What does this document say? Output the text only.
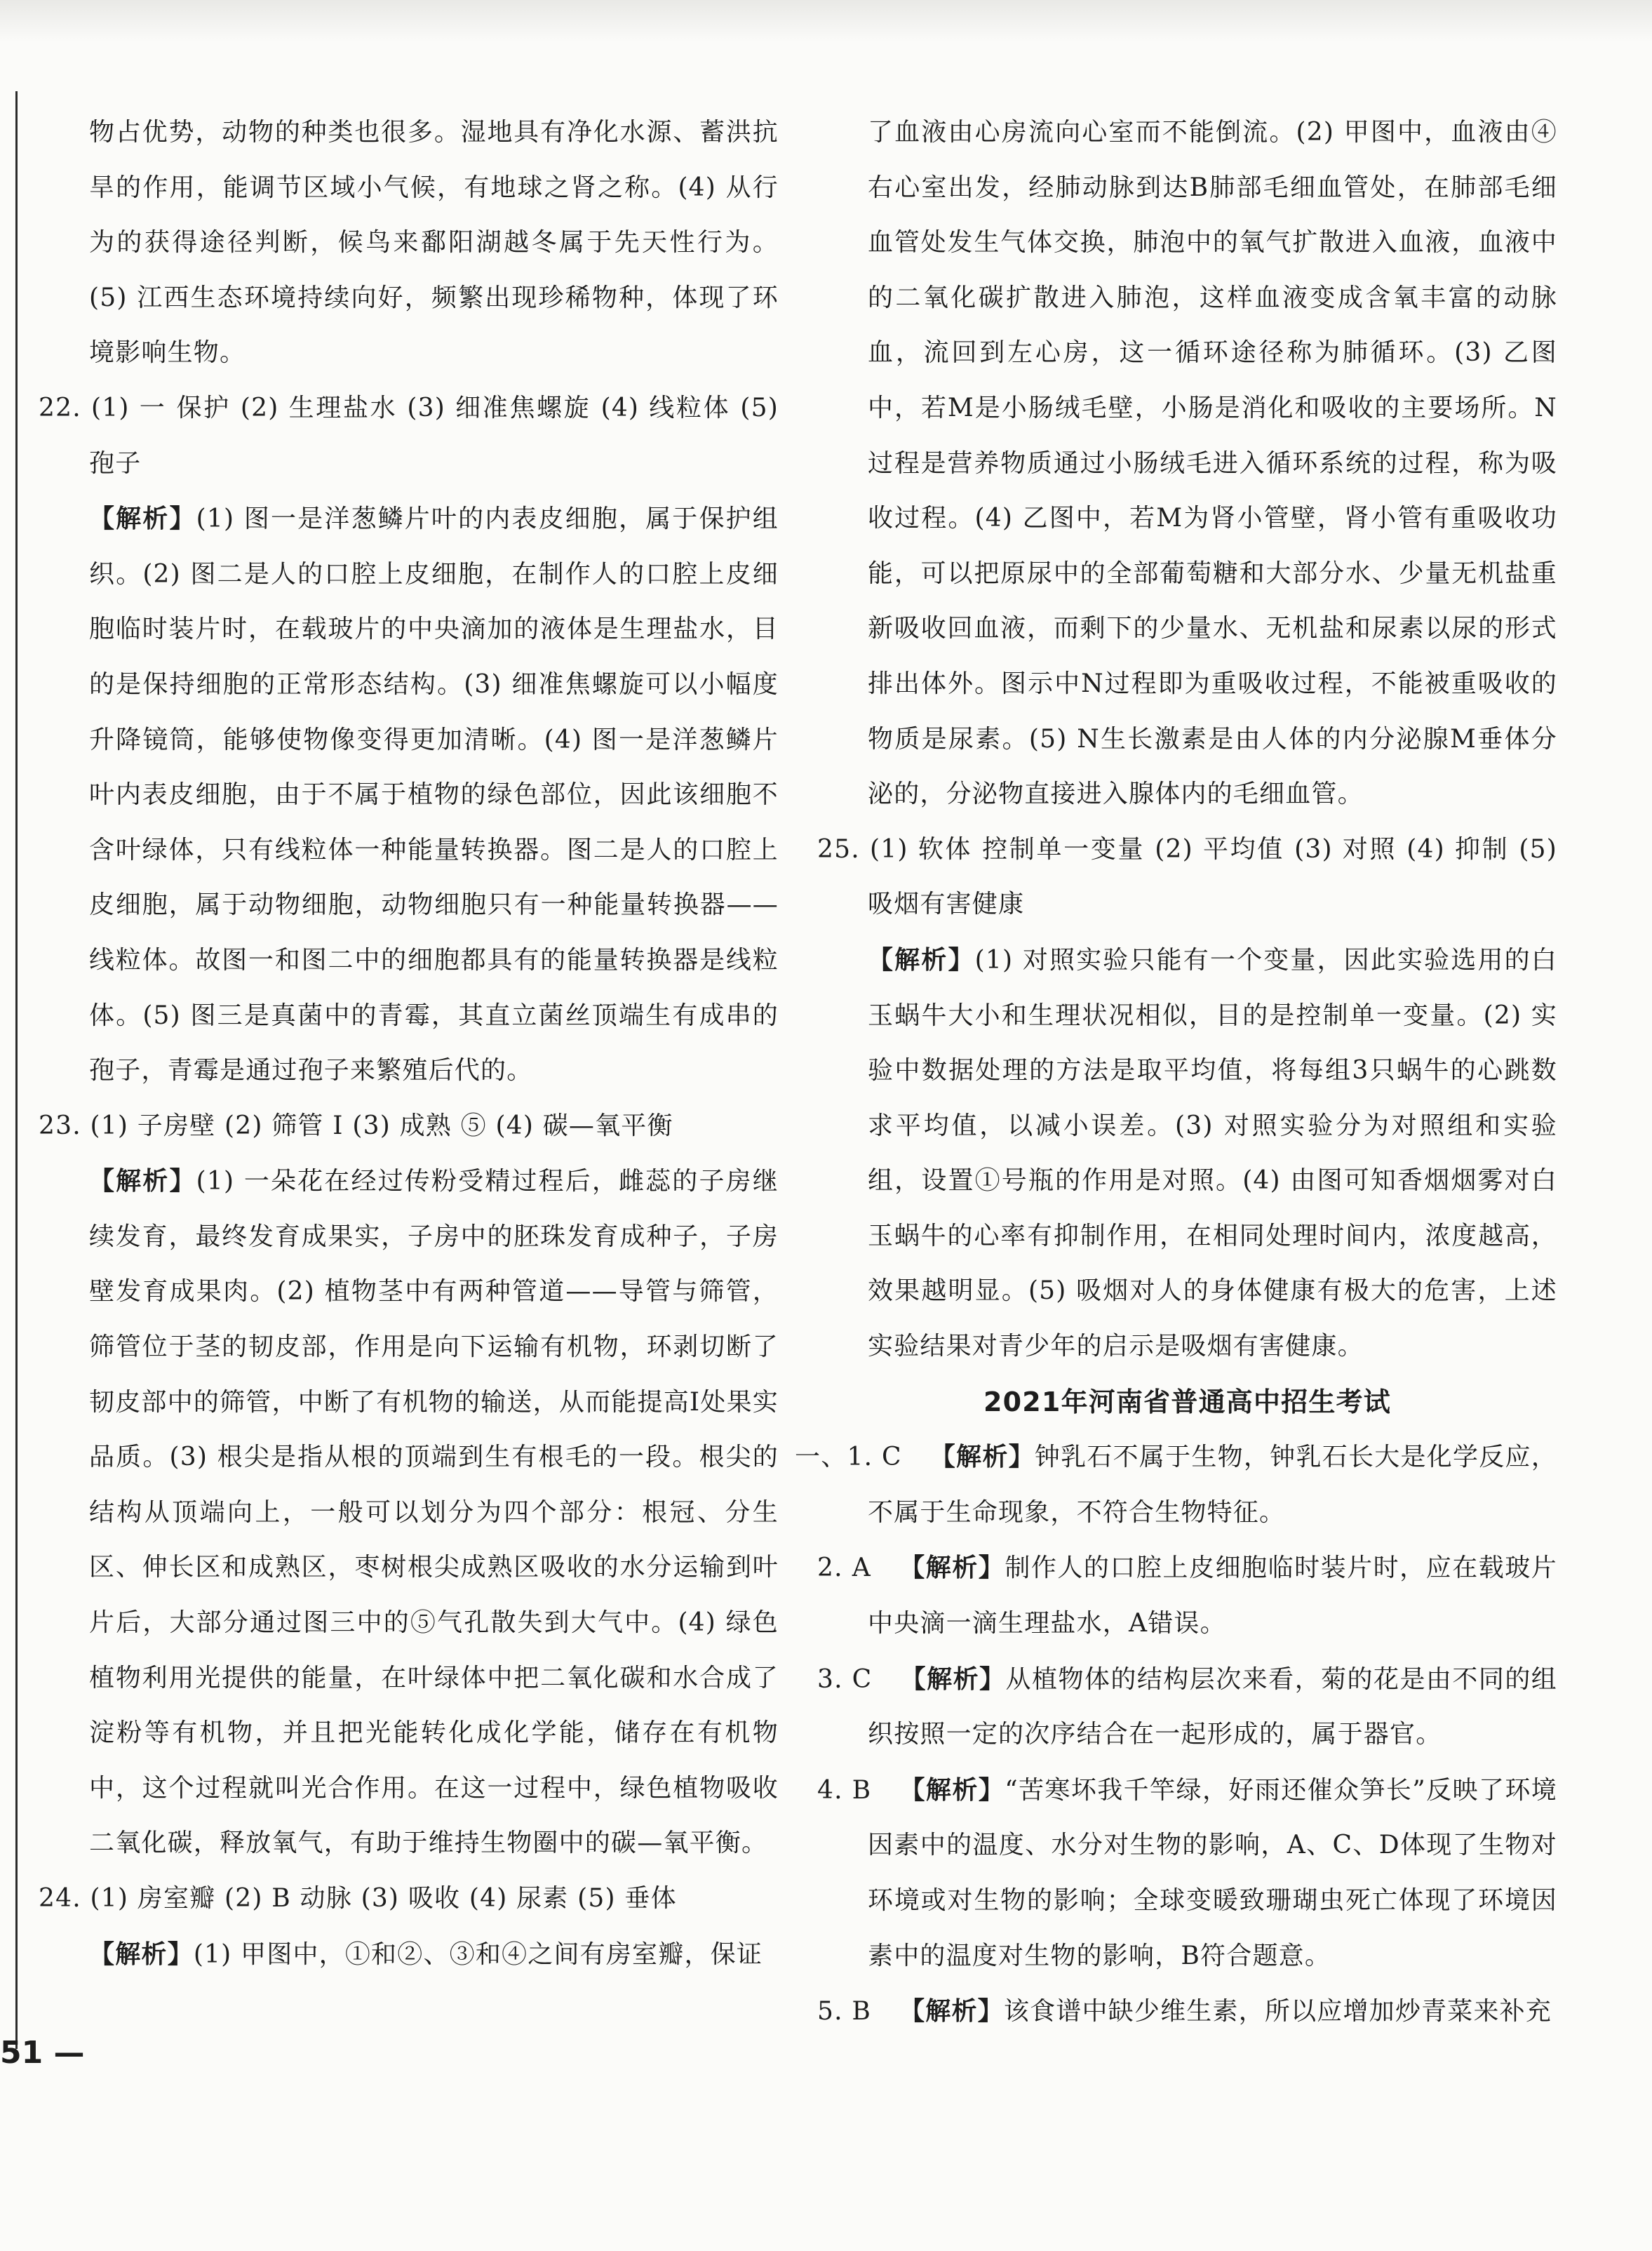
物占优势，动物的种类也很多。湿地具有净化水源、蓄洪抗旱的作用，能调节区域小气候，有地球之肾之称。(4) 从行为的获得途径判断，候鸟来鄱阳湖越冬属于先天性行为。(5) 江西生态环境持续向好，频繁出现珍稀物种，体现了环境影响生物。

22. (1) 一 保护 (2) 生理盐水 (3) 细准焦螺旋 (4) 线粒体 (5) 孢子

【解析】(1) 图一是洋葱鳞片叶的内表皮细胞，属于保护组织。(2) 图二是人的口腔上皮细胞，在制作人的口腔上皮细胞临时装片时，在载玻片的中央滴加的液体是生理盐水，目的是保持细胞的正常形态结构。(3) 细准焦螺旋可以小幅度升降镜筒，能够使物像变得更加清晰。(4) 图一是洋葱鳞片叶内表皮细胞，由于不属于植物的绿色部位，因此该细胞不含叶绿体，只有线粒体一种能量转换器。图二是人的口腔上皮细胞，属于动物细胞，动物细胞只有一种能量转换器——线粒体。故图一和图二中的细胞都具有的能量转换器是线粒体。(5) 图三是真菌中的青霉，其直立菌丝顶端生有成串的孢子，青霉是通过孢子来繁殖后代的。

23. (1) 子房壁 (2) 筛管 Ⅰ (3) 成熟 ⑤ (4) 碳—氧平衡

【解析】(1) 一朵花在经过传粉受精过程后，雌蕊的子房继续发育，最终发育成果实，子房中的胚珠发育成种子，子房壁发育成果肉。(2) 植物茎中有两种管道——导管与筛管，筛管位于茎的韧皮部，作用是向下运输有机物，环剥切断了韧皮部中的筛管，中断了有机物的输送，从而能提高Ⅰ处果实品质。(3) 根尖是指从根的顶端到生有根毛的一段。根尖的结构从顶端向上，一般可以划分为四个部分：根冠、分生区、伸长区和成熟区，枣树根尖成熟区吸收的水分运输到叶片后，大部分通过图三中的⑤气孔散失到大气中。(4) 绿色植物利用光提供的能量，在叶绿体中把二氧化碳和水合成了淀粉等有机物，并且把光能转化成化学能，储存在有机物中，这个过程就叫光合作用。在这一过程中，绿色植物吸收二氧化碳，释放氧气，有助于维持生物圈中的碳—氧平衡。

24. (1) 房室瓣 (2) B 动脉 (3) 吸收 (4) 尿素 (5) 垂体

【解析】(1) 甲图中，①和②、③和④之间有房室瓣，保证

了血液由心房流向心室而不能倒流。(2) 甲图中，血液由④右心室出发，经肺动脉到达B肺部毛细血管处，在肺部毛细血管处发生气体交换，肺泡中的氧气扩散进入血液，血液中的二氧化碳扩散进入肺泡，这样血液变成含氧丰富的动脉血，流回到左心房，这一循环途径称为肺循环。(3) 乙图中，若M是小肠绒毛壁，小肠是消化和吸收的主要场所。N过程是营养物质通过小肠绒毛进入循环系统的过程，称为吸收过程。(4) 乙图中，若M为肾小管壁，肾小管有重吸收功能，可以把原尿中的全部葡萄糖和大部分水、少量无机盐重新吸收回血液，而剩下的少量水、无机盐和尿素以尿的形式排出体外。图示中N过程即为重吸收过程，不能被重吸收的物质是尿素。(5) N生长激素是由人体的内分泌腺M垂体分泌的，分泌物直接进入腺体内的毛细血管。

25. (1) 软体 控制单一变量 (2) 平均值 (3) 对照 (4) 抑制 (5) 吸烟有害健康

【解析】(1) 对照实验只能有一个变量，因此实验选用的白玉蜗牛大小和生理状况相似，目的是控制单一变量。(2) 实验中数据处理的方法是取平均值，将每组3只蜗牛的心跳数求平均值，以减小误差。(3) 对照实验分为对照组和实验组，设置①号瓶的作用是对照。(4) 由图可知香烟烟雾对白玉蜗牛的心率有抑制作用，在相同处理时间内，浓度越高，效果越明显。(5) 吸烟对人的身体健康有极大的危害，上述实验结果对青少年的启示是吸烟有害健康。

2021年河南省普通高中招生考试

一、1. C 【解析】钟乳石不属于生物，钟乳石长大是化学反应，不属于生命现象，不符合生物特征。

2. A 【解析】制作人的口腔上皮细胞临时装片时，应在载玻片中央滴一滴生理盐水，A错误。

3. C 【解析】从植物体的结构层次来看，菊的花是由不同的组织按照一定的次序结合在一起形成的，属于器官。

4. B 【解析】“苦寒坏我千竿绿，好雨还催众笋长”反映了环境因素中的温度、水分对生物的影响，A、C、D体现了生物对环境或对生物的影响；全球变暖致珊瑚虫死亡体现了环境因素中的温度对生物的影响，B符合题意。

5. B 【解析】该食谱中缺少维生素，所以应增加炒青菜来补充

51 —
